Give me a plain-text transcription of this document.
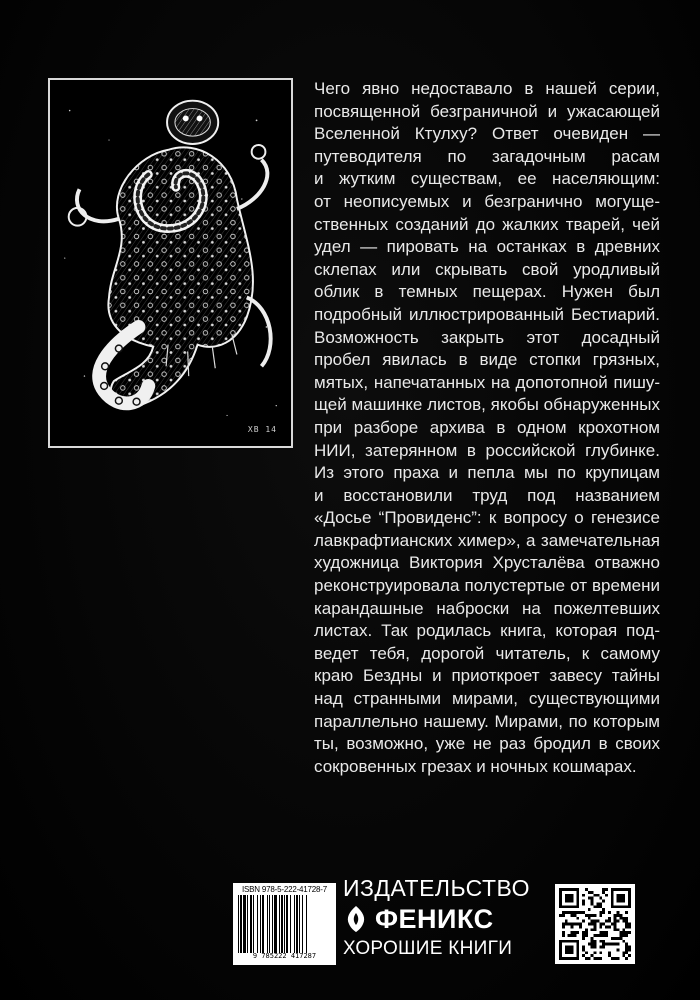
ХВ 14
Чего явно недоставало в нашей серии,
посвященной безграничной и ужасающей
Вселенной Ктулху? Ответ очевиден —
путеводителя по загадочным расам
и жутким существам, ее населяющим:
от неописуемых и безгранично могуще-
ственных созданий до жалких тварей, чей
удел — пировать на останках в древних
склепах или скрывать свой уродливый
облик в темных пещерах. Нужен был
подробный иллюстрированный Бестиарий.
Возможность закрыть этот досадный
пробел явилась в виде стопки грязных,
мятых, напечатанных на допотопной пишу-
щей машинке листов, якобы обнаруженных
при разборе архива в одном крохотном
НИИ, затерянном в российской глубинке.
Из этого праха и пепла мы по крупицам
и восстановили труд под названием
«Досье “Провиденс”: к вопросу о генезисе
лавкрафтианских химер», а замечательная
художница Виктория Хрусталёва отважно
реконструировала полустертые от времени
карандашные наброски на пожелтевших
листах. Так родилась книга, которая под-
ведет тебя, дорогой читатель, к самому
краю Бездны и приоткроет завесу тайны
над странными мирами, существующими
параллельно нашему. Мирами, по которым
ты, возможно, уже не раз бродил в своих
сокровенных грезах и ночных кошмарах.
ISBN 978-5-222-41728-7
9 785222 417287
ИЗДАТЕЛЬСТВО
ФЕНИКС
ХОРОШИЕ КНИГИ
